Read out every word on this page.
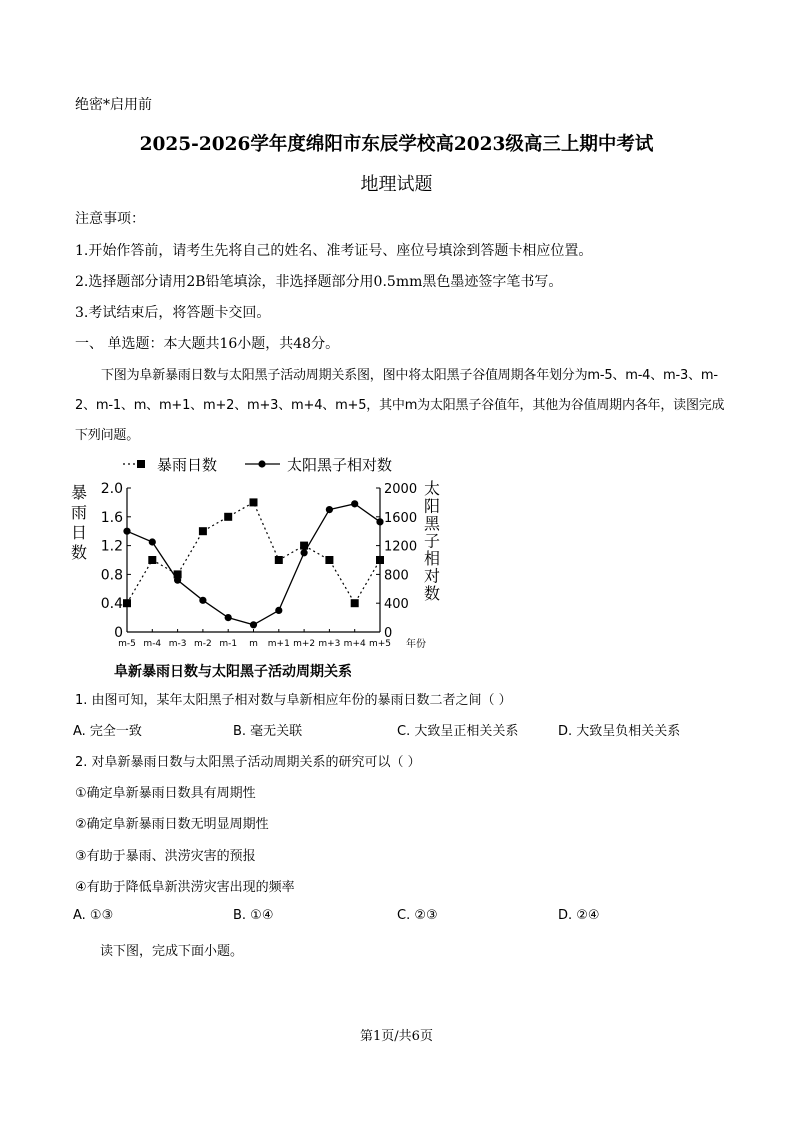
绝密*启用前
2025-2026学年度绵阳市东辰学校高2023级高三上期中考试
地理试题
注意事项：
1.开始作答前，请考生先将自己的姓名、准考证号、座位号填涂到答题卡相应位置。
2.选择题部分请用2B铅笔填涂，非选择题部分用0.5mm黑色墨迹签字笔书写。
3.考试结束后，将答题卡交回。
一、 单选题：本大题共16小题，共48分。
下图为阜新暴雨日数与太阳黑子活动周期关系图，图中将太阳黑子谷值周期各年划分为m-5、m-4、m-3、m-2、m-1、m、m+1、m+2、m+3、m+4、m+5，其中m为太阳黑子谷值年，其他为谷值周期内各年，读图完成下列问题。
0
0.4
0.8
1.2
1.6
2.0
0
400
800
1200
1600
2000
m-5 m-4 m-3 m-2 m-1 m m+1 m+2 m+3 m+4 m+5 年份
暴
雨
日
数
太
阳
黑
子
相
对
数
暴雨日数	太阳黑子相对数
阜新暴雨日数与太阳黑子活动周期关系
1. 由图可知，某年太阳黑子相对数与阜新相应年份的暴雨日数二者之间（ ）
A. 完全一致	B. 毫无关联	C. 大致呈正相关关系	D. 大致呈负相关关系
2. 对阜新暴雨日数与太阳黑子活动周期关系的研究可以（ ）
①确定阜新暴雨日数具有周期性
②确定阜新暴雨日数无明显周期性
③有助于暴雨、洪涝灾害的预报
④有助于降低阜新洪涝灾害出现的频率
A. ①③	B. ①④	C. ②③	D. ②④
读下图，完成下面小题。
第1页/共6页
